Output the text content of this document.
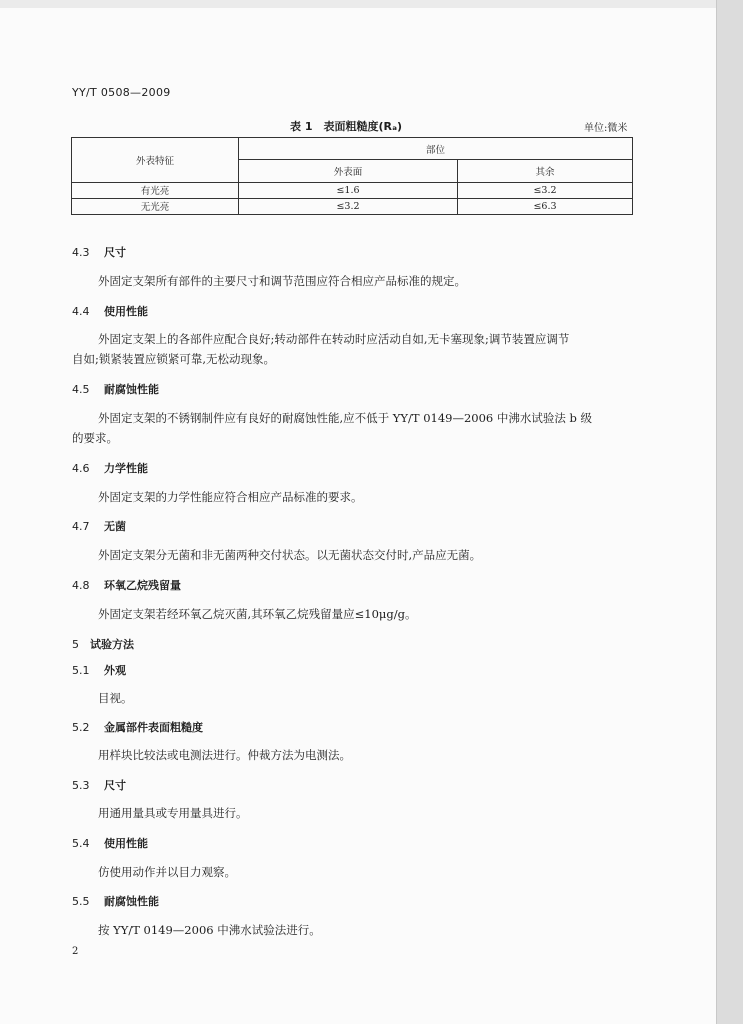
YY/T 0508—2009
表 1　表面粗糙度(Rₐ)	单位:微米
外表特征	部位	
	外表面	其余
有光亮	≤1.6	≤3.2
无光亮	≤3.2	≤6.3
4.3 尺寸
外固定支架所有部件的主要尺寸和调节范围应符合相应产品标准的规定。
4.4 使用性能
外固定支架上的各部件应配合良好;转动部件在转动时应活动自如,无卡塞现象;调节装置应调节
自如;锁紧装置应锁紧可靠,无松动现象。
4.5 耐腐蚀性能
外固定支架的不锈钢制件应有良好的耐腐蚀性能,应不低于 YY/T 0149—2006 中沸水试验法 b 级
的要求。
4.6 力学性能
外固定支架的力学性能应符合相应产品标准的要求。
4.7 无菌
外固定支架分无菌和非无菌两种交付状态。以无菌状态交付时,产品应无菌。
4.8 环氧乙烷残留量
外固定支架若经环氧乙烷灭菌,其环氧乙烷残留量应≤10μg/g。
5 试验方法
5.1 外观
目视。
5.2 金属部件表面粗糙度
用样块比较法或电测法进行。仲裁方法为电测法。
5.3 尺寸
用通用量具或专用量具进行。
5.4 使用性能
仿使用动作并以目力观察。
5.5 耐腐蚀性能
按 YY/T 0149—2006 中沸水试验法进行。
2
